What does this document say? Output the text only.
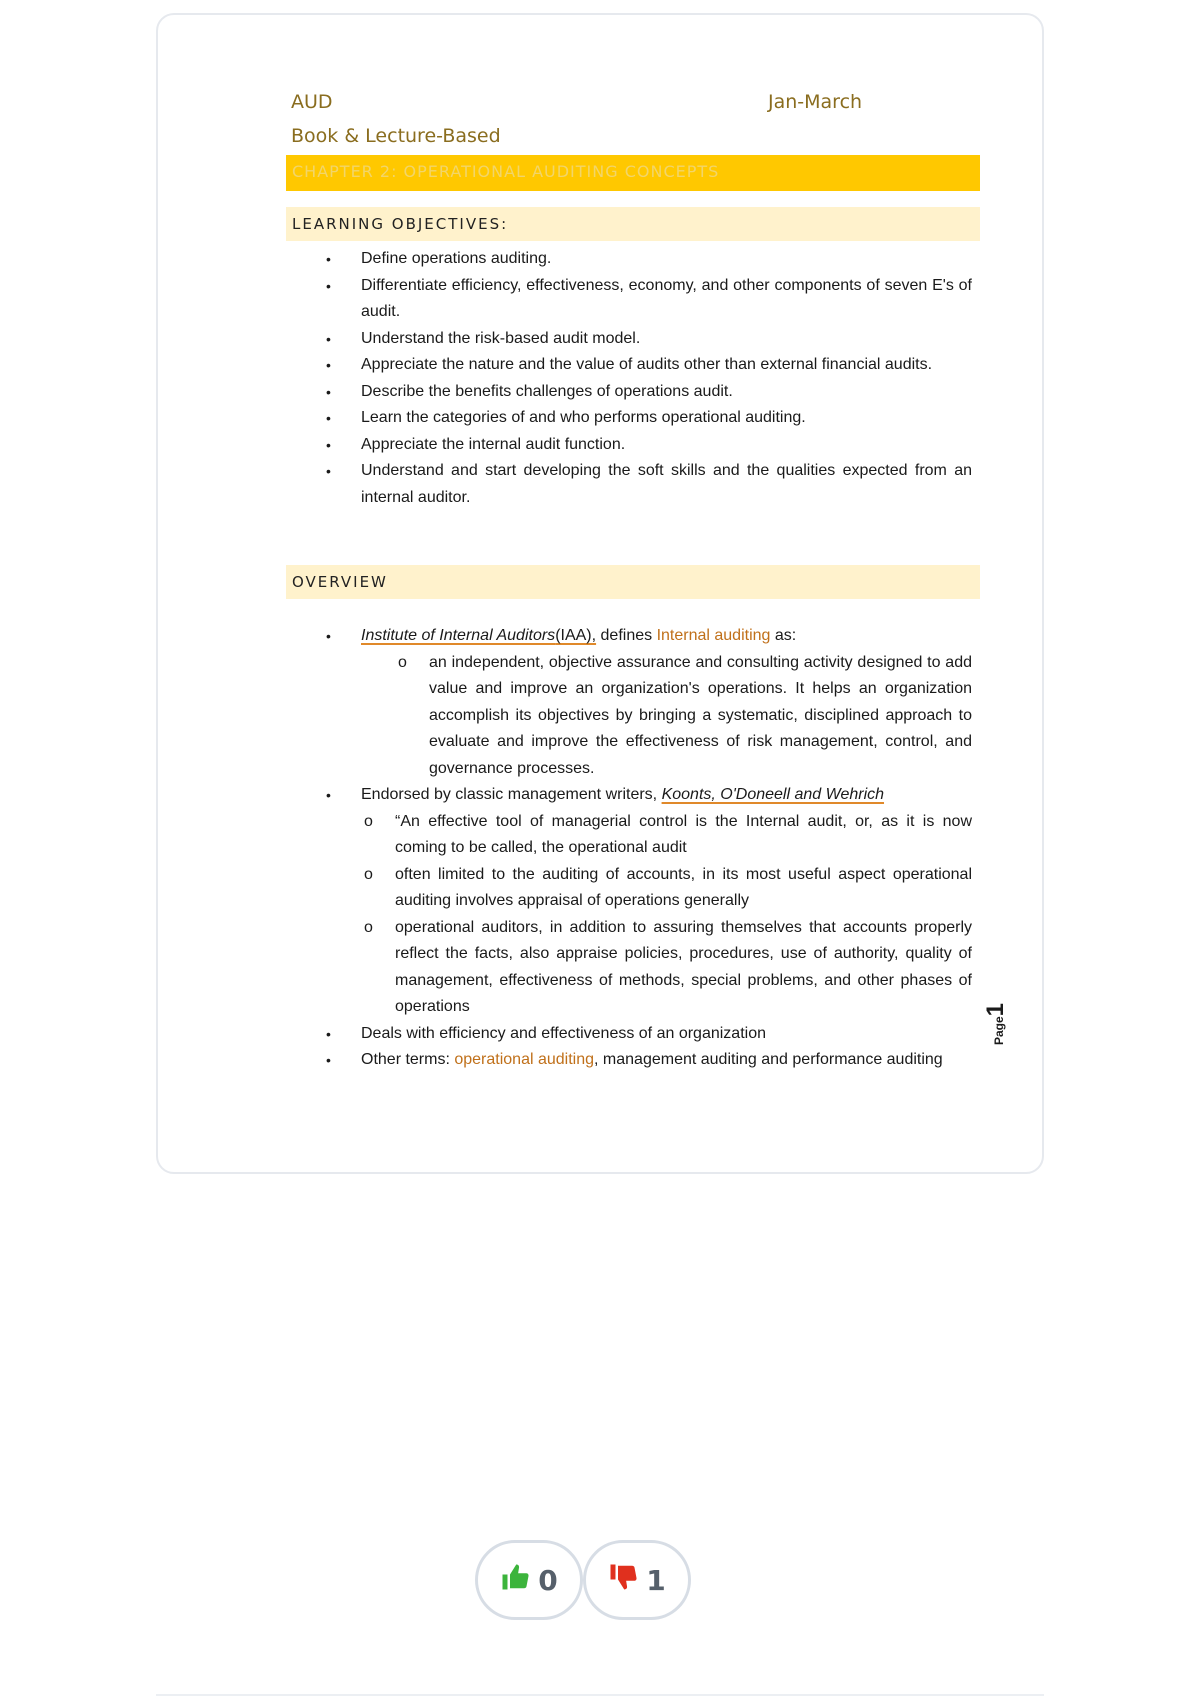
AUD	Jan-March
Book & Lecture-Based
CHAPTER 2: OPERATIONAL AUDITING CONCEPTS
LEARNING OBJECTIVES:
• Define operations auditing.
• Differentiate efficiency, effectiveness, economy, and other components of seven E's of audit.
• Understand the risk-based audit model.
• Appreciate the nature and the value of audits other than external financial audits.
• Describe the benefits challenges of operations audit.
• Learn the categories of and who performs operational auditing.
• Appreciate the internal audit function.
• Understand and start developing the soft skills and the qualities expected from an internal auditor.
OVERVIEW
• Institute of Internal Auditors(IAA), defines Internal auditing as:
o an independent, objective assurance and consulting activity designed to add value and improve an organization's operations. It helps an organization accomplish its objectives by bringing a systematic, disciplined approach to evaluate and improve the effectiveness of risk management, control, and governance processes.
• Endorsed by classic management writers, Koonts, O'Doneell and Wehrich
o “An effective tool of managerial control is the Internal audit, or, as it is now coming to be called, the operational audit
o often limited to the auditing of accounts, in its most useful aspect operational auditing involves appraisal of operations generally
o operational auditors, in addition to assuring themselves that accounts properly reflect the facts, also appraise policies, procedures, use of authority, quality of management, effectiveness of methods, special problems, and other phases of operations
• Deals with efficiency and effectiveness of an organization
• Other terms: operational auditing, management auditing and performance auditing
Page1
0	1
